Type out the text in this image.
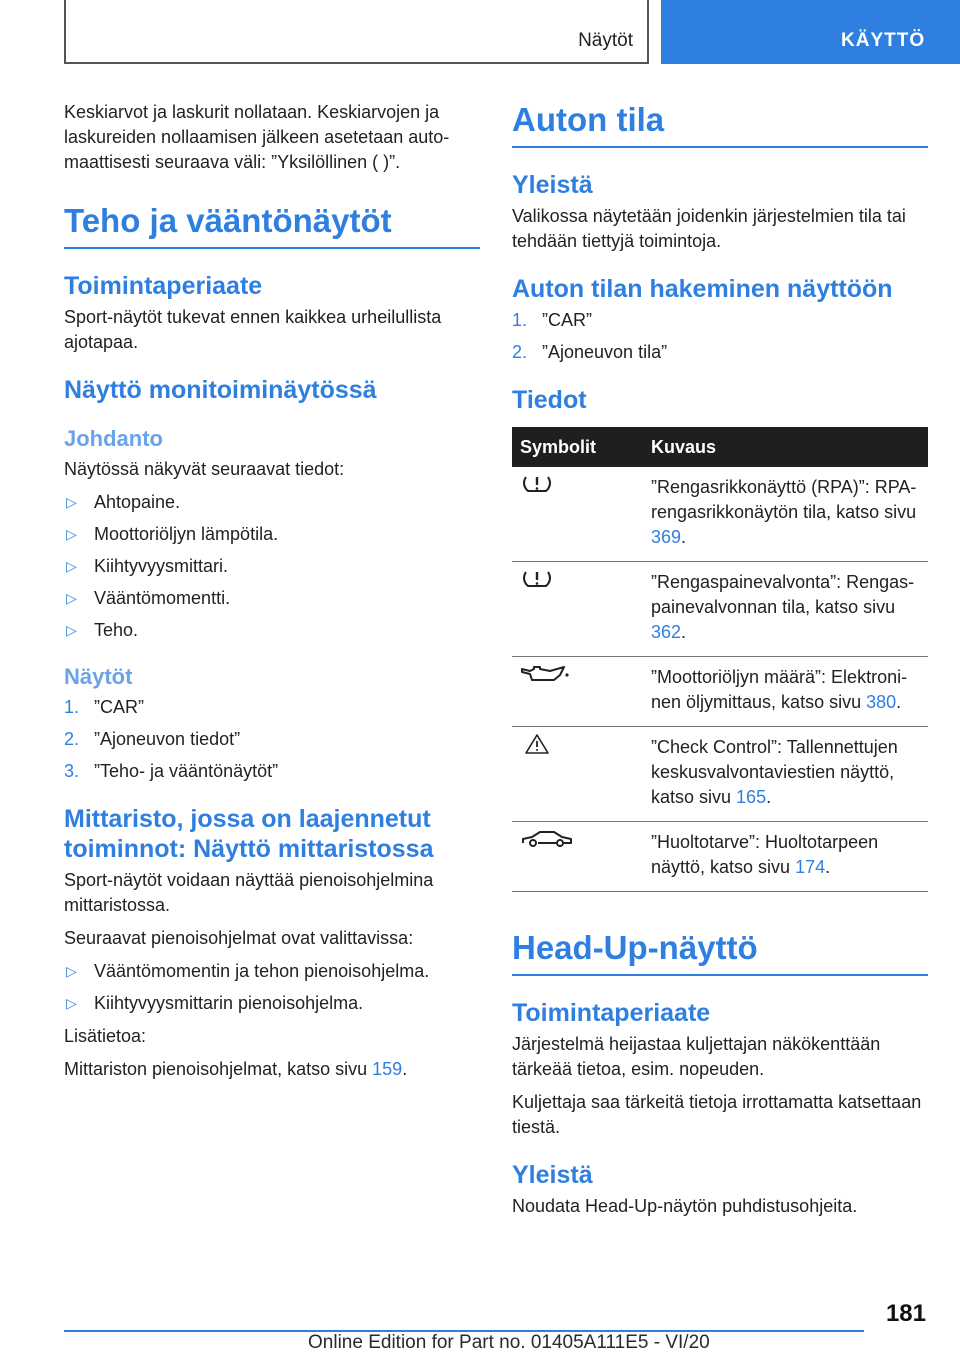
Näytöt	KÄYTTÖ

Keskiarvot ja laskurit nollataan. Keskiarvojen ja laskureiden nollaamisen jälkeen asetetaan automaattisesti seuraava väli: ”Yksilöllinen ( )”.

Teho ja vääntönäytöt
Toimintaperiaate

Sport-näytöt tukevat ennen kaikkea urheilullista ajotapaa.

Näyttö monitoiminäytössä
Johdanto

Näytössä näkyvät seuraavat tiedot:

▷ Ahtopaine.
▷ Moottoriöljyn lämpötila.
▷ Kiihtyvyysmittari.
▷ Vääntömomentti.
▷ Teho.
Näytöt
1. ”CAR”
2. ”Ajoneuvon tiedot”
3. ”Teho- ja vääntönäytöt”
Mittaristo, jossa on laajennetut toiminnot: Näyttö mittaristossa

Sport-näytöt voidaan näyttää pienoisohjelmina mittaristossa.

Seuraavat pienoisohjelmat ovat valittavissa:

▷ Vääntömomentin ja tehon pienoisohjelma.
▷ Kiihtyvyysmittarin pienoisohjelma.

Lisätietoa:

Mittariston pienoisohjelmat, katso sivu 159.

Auton tila
Yleistä

Valikossa näytetään joidenkin järjestelmien tila tai tehdään tiettyjä toimintoja.

Auton tilan hakeminen näyttöön
1. ”CAR”
2. ”Ajoneuvon tila”
Tiedot
Symbolit	Kuvaus

	”Rengasrikkonäyttö (RPA)”: RPA-rengasrikkonäytön tila, katso sivu 369.

	”Rengaspainevalvonta”: Rengaspainevalvonnan tila, katso sivu 362.

	”Moottoriöljyn määrä”: Elektroninen öljymittaus, katso sivu 380.

	”Check Control”: Tallennettujen keskusvalvontaviestien näyttö, katso sivu 165.

	”Huoltotarve”: Huoltotarpeen näyttö, katso sivu 174.
Head-Up-näyttö
Toimintaperiaate

Järjestelmä heijastaa kuljettajan näkökenttään tärkeää tietoa, esim. nopeuden.

Kuljettaja saa tärkeitä tietoja irrottamatta katsettaan tiestä.

Yleistä

Noudata Head-Up-näytön puhdistusohjeita.

181
Online Edition for Part no. 01405A111E5 - VI/20
